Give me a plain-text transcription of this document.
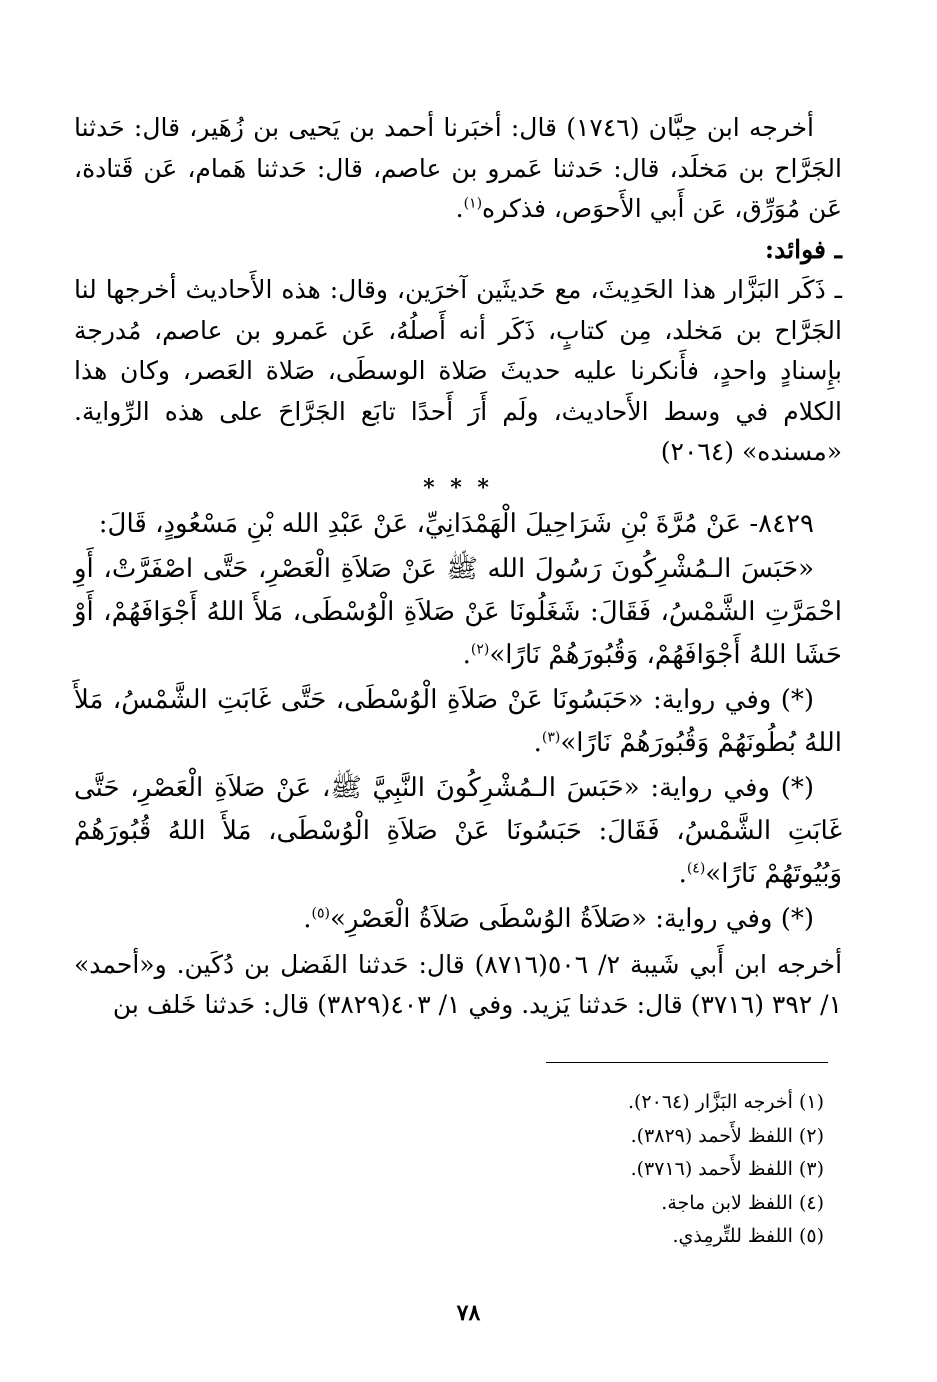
أخرجه ابن حِبَّان (١٧٤٦) قال: أخبَرنا أحمد بن يَحيى بن زُهَير، قال: حَدثنا الجَرَّاح بن مَخلَد، قال: حَدثنا عَمرو بن عاصم، قال: حَدثنا هَمام، عَن قَتادة، عَن مُوَرِّق، عَن أَبي الأَحوَص، فذكره$^{(١)}$.

ـ فوائد:

ـ ذَكَر البَزَّار هذا الحَدِيثَ، مع حَديثَين آخرَين، وقال: هذه الأَحاديث أخرجها لنا الجَرَّاح بن مَخلد، مِن كتابٍ، ذَكَر أنه أَصلُهُ، عَن عَمرو بن عاصم، مُدرجة بإِسنادٍ واحدٍ، فأَنكرنا عليه حديثَ صَلاة الوسطَى، صَلاة العَصر، وكان هذا الكلام في وسط الأَحاديث، ولَم أَرَ أَحدًا تابَع الجَرَّاحَ على هذه الرِّواية. «مسنده» (٢٠٦٤)

* * *

٨٤٢٩- عَنْ مُرَّةَ بْنِ شَرَاحِيلَ الْهَمْدَانِيِّ، عَنْ عَبْدِ الله بْنِ مَسْعُودٍ، قَالَ:

«حَبَسَ الـمُشْرِكُونَ رَسُولَ الله ﷺ عَنْ صَلاَةِ الْعَصْرِ، حَتَّى اصْفَرَّتْ، أَوِ احْمَرَّتِ الشَّمْسُ، فَقَالَ: شَغَلُونَا عَنْ صَلاَةِ الْوُسْطَى، مَلأَ اللهُ أَجْوَافَهُمْ، أَوْ حَشَا اللهُ أَجْوَافَهُمْ، وَقُبُورَهُمْ نَارًا»$^{(٢)}$.

(*) وفي رواية: «حَبَسُونَا عَنْ صَلاَةِ الْوُسْطَى، حَتَّى غَابَتِ الشَّمْسُ، مَلأَ اللهُ بُطُونَهُمْ وَقُبُورَهُمْ نَارًا»$^{(٣)}$.

(*) وفي رواية: «حَبَسَ الـمُشْرِكُونَ النَّبِيَّ ﷺ، عَنْ صَلاَةِ الْعَصْرِ، حَتَّى غَابَتِ الشَّمْسُ، فَقَالَ: حَبَسُونَا عَنْ صَلاَةِ الْوُسْطَى، مَلأَ اللهُ قُبُورَهُمْ وَبُيُوتَهُمْ نَارًا»$^{(٤)}$.

(*) وفي رواية: «صَلاَةُ الوُسْطَى صَلاَةُ الْعَصْرِ»$^{(٥)}$.

أخرجه ابن أَبي شَيبة ٢/ ٥٠٦(٨٧١٦) قال: حَدثنا الفَضل بن دُكَين. و«أحمد» ١/ ٣٩٢ (٣٧١٦) قال: حَدثنا يَزيد. وفي ١/ ٤٠٣(٣٨٢٩) قال: حَدثنا خَلف بن

(١) أخرجه البَزَّار (٢٠٦٤).
(٢) اللفظ لأَحمد (٣٨٢٩).
(٣) اللفظ لأَحمد (٣٧١٦).
(٤) اللفظ لابن ماجة.
(٥) اللفظ للتِّرمِذي.
٧٨
